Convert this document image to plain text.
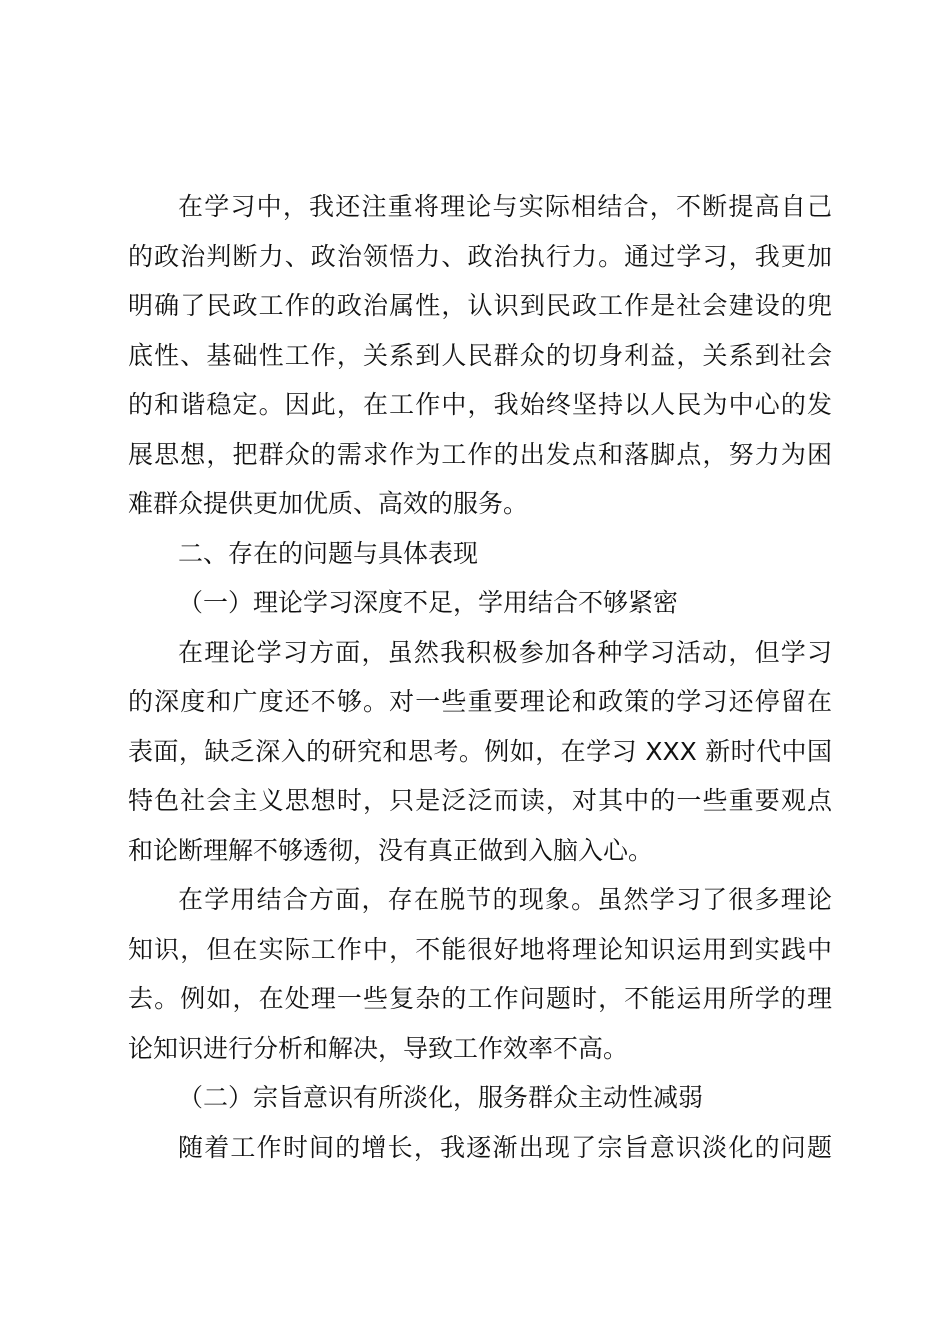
在学习中，我还注重将理论与实际相结合，不断提高自己
的政治判断力、政治领悟力、政治执行力。通过学习，我更加
明确了民政工作的政治属性，认识到民政工作是社会建设的兜
底性、基础性工作，关系到人民群众的切身利益，关系到社会
的和谐稳定。因此，在工作中，我始终坚持以人民为中心的发
展思想，把群众的需求作为工作的出发点和落脚点，努力为困
难群众提供更加优质、高效的服务。
二、存在的问题与具体表现
（一）理论学习深度不足，学用结合不够紧密
在理论学习方面，虽然我积极参加各种学习活动，但学习
的深度和广度还不够。对一些重要理论和政策的学习还停留在
表面，缺乏深入的研究和思考。例如，在学习 XXX 新时代中国
特色社会主义思想时，只是泛泛而读，对其中的一些重要观点
和论断理解不够透彻，没有真正做到入脑入心。
在学用结合方面，存在脱节的现象。虽然学习了很多理论
知识，但在实际工作中，不能很好地将理论知识运用到实践中
去。例如，在处理一些复杂的工作问题时，不能运用所学的理
论知识进行分析和解决，导致工作效率不高。
（二）宗旨意识有所淡化，服务群众主动性减弱
随着工作时间的增长，我逐渐出现了宗旨意识淡化的问题
